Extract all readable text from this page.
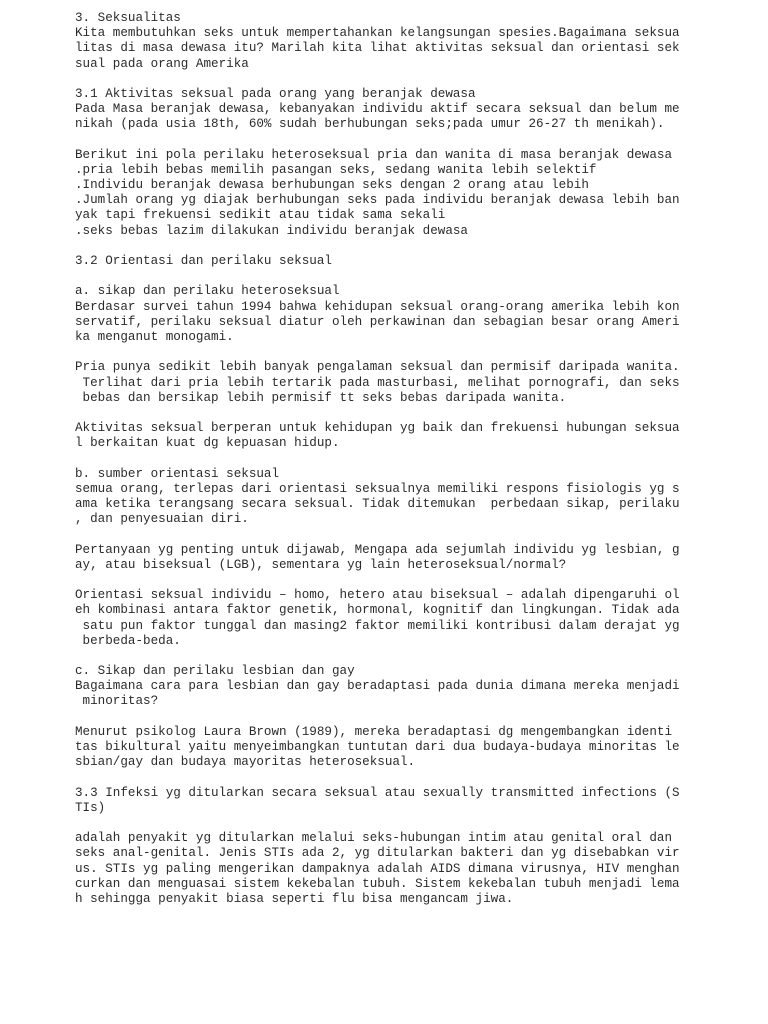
3. Seksualitas
Kita membutuhkan seks untuk mempertahankan kelangsungan spesies.Bagaimana seksua
litas di masa dewasa itu? Marilah kita lihat aktivitas seksual dan orientasi sek
sual pada orang Amerika
3.1 Aktivitas seksual pada orang yang beranjak dewasa
Pada Masa beranjak dewasa, kebanyakan individu aktif secara seksual dan belum me
nikah (pada usia 18th, 60% sudah berhubungan seks;pada umur 26-27 th menikah).
Berikut ini pola perilaku heteroseksual pria dan wanita di masa beranjak dewasa
.pria lebih bebas memilih pasangan seks, sedang wanita lebih selektif
.Individu beranjak dewasa berhubungan seks dengan 2 orang atau lebih
.Jumlah orang yg diajak berhubungan seks pada individu beranjak dewasa lebih ban
yak tapi frekuensi sedikit atau tidak sama sekali
.seks bebas lazim dilakukan individu beranjak dewasa
3.2 Orientasi dan perilaku seksual
a. sikap dan perilaku heteroseksual
Berdasar survei tahun 1994 bahwa kehidupan seksual orang-orang amerika lebih kon
servatif, perilaku seksual diatur oleh perkawinan dan sebagian besar orang Ameri
ka menganut monogami.
Pria punya sedikit lebih banyak pengalaman seksual dan permisif daripada wanita.
Terlihat dari pria lebih tertarik pada masturbasi, melihat pornografi, dan seks
bebas dan bersikap lebih permisif tt seks bebas daripada wanita.
Aktivitas seksual berperan untuk kehidupan yg baik dan frekuensi hubungan seksua
l berkaitan kuat dg kepuasan hidup.
b. sumber orientasi seksual
semua orang, terlepas dari orientasi seksualnya memiliki respons fisiologis yg s
ama ketika terangsang secara seksual. Tidak ditemukan  perbedaan sikap, perilaku
, dan penyesuaian diri.
Pertanyaan yg penting untuk dijawab, Mengapa ada sejumlah individu yg lesbian, g
ay, atau biseksual (LGB), sementara yg lain heteroseksual/normal?
Orientasi seksual individu – homo, hetero atau biseksual – adalah dipengaruhi ol
eh kombinasi antara faktor genetik, hormonal, kognitif dan lingkungan. Tidak ada
satu pun faktor tunggal dan masing2 faktor memiliki kontribusi dalam derajat yg
berbeda-beda.
c. Sikap dan perilaku lesbian dan gay
Bagaimana cara para lesbian dan gay beradaptasi pada dunia dimana mereka menjadi
minoritas?
Menurut psikolog Laura Brown (1989), mereka beradaptasi dg mengembangkan identi
tas bikultural yaitu menyeimbangkan tuntutan dari dua budaya-budaya minoritas le
sbian/gay dan budaya mayoritas heteroseksual.
3.3 Infeksi yg ditularkan secara seksual atau sexually transmitted infections (S
TIs)
adalah penyakit yg ditularkan melalui seks-hubungan intim atau genital oral dan
seks anal-genital. Jenis STIs ada 2, yg ditularkan bakteri dan yg disebabkan vir
us. STIs yg paling mengerikan dampaknya adalah AIDS dimana virusnya, HIV menghan
curkan dan menguasai sistem kekebalan tubuh. Sistem kekebalan tubuh menjadi lema
h sehingga penyakit biasa seperti flu bisa mengancam jiwa.
